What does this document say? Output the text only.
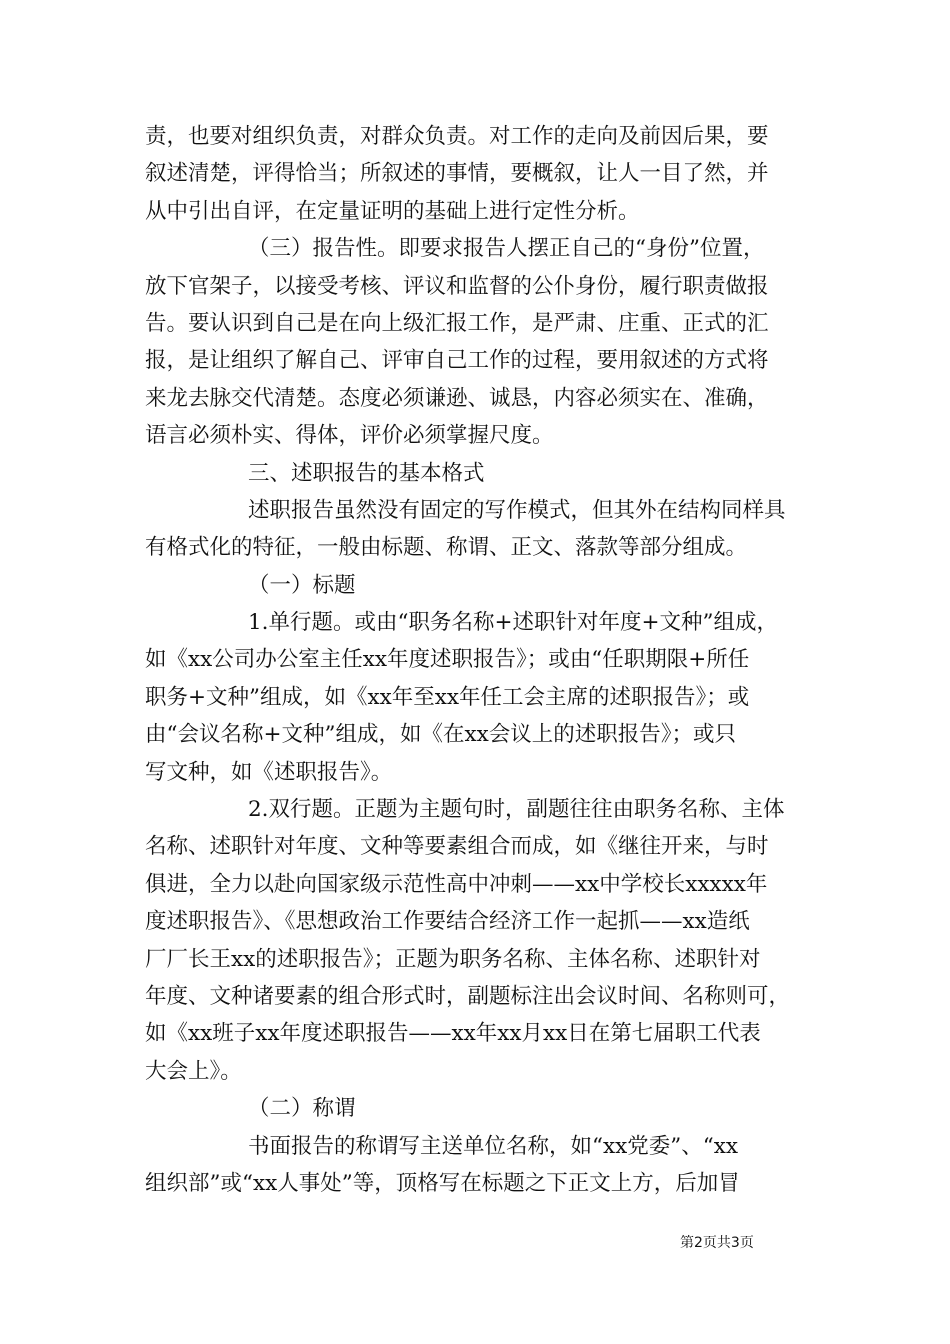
责，也要对组织负责，对群众负责。对工作的走向及前因后果，要
叙述清楚，评得恰当；所叙述的事情，要概叙，让人一目了然，并
从中引出自评，在定量证明的基础上进行定性分析。
（三）报告性。即要求报告人摆正自己的“身份”位置，
放下官架子，以接受考核、评议和监督的公仆身份，履行职责做报
告。要认识到自己是在向上级汇报工作，是严肃、庄重、正式的汇
报，是让组织了解自己、评审自己工作的过程，要用叙述的方式将
来龙去脉交代清楚。态度必须谦逊、诚恳，内容必须实在、准确，
语言必须朴实、得体，评价必须掌握尺度。
三、述职报告的基本格式
述职报告虽然没有固定的写作模式，但其外在结构同样具
有格式化的特征，一般由标题、称谓、正文、落款等部分组成。
（一）标题
1.单行题。或由“职务名称+述职针对年度+文种”组成，
如《xx公司办公室主任xx年度述职报告》；或由“任职期限+所任
职务+文种”组成，如《xx年至xx年任工会主席的述职报告》；或
由“会议名称+文种”组成，如《在xx会议上的述职报告》；或只
写文种，如《述职报告》。
2.双行题。正题为主题句时，副题往往由职务名称、主体
名称、述职针对年度、文种等要素组合而成，如《继往开来，与时
俱进，全力以赴向国家级示范性高中冲刺——xx中学校长xxxxx年
度述职报告》、《思想政治工作要结合经济工作一起抓——xx造纸
厂厂长王xx的述职报告》；正题为职务名称、主体名称、述职针对
年度、文种诸要素的组合形式时，副题标注出会议时间、名称则可，
如《xx班子xx年度述职报告——xx年xx月xx日在第七届职工代表
大会上》。
（二）称谓
书面报告的称谓写主送单位名称，如“xx党委”、“xx
组织部”或“xx人事处”等，顶格写在标题之下正文上方，后加冒
第2页共3页
